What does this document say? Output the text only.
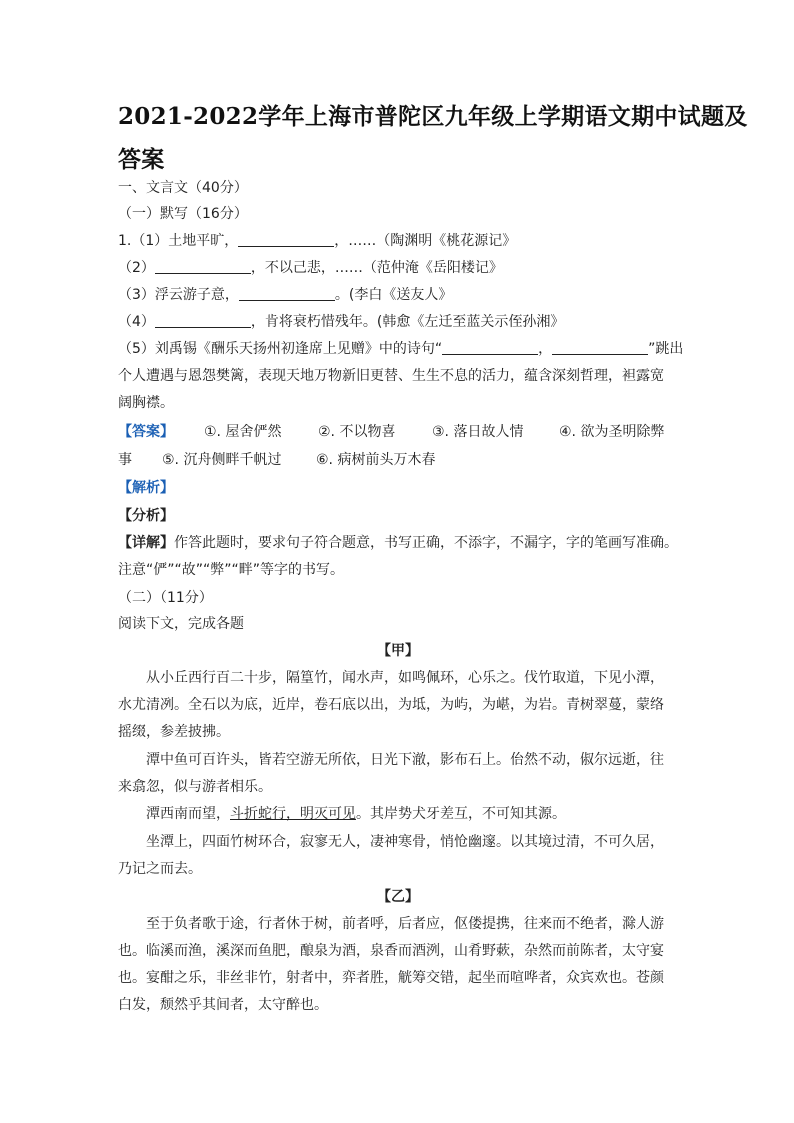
2021-2022学年上海市普陀区九年级上学期语文期中试题及
答案
一、文言文（40分）
（一）默写（16分）
1.（1）土地平旷，	，……（陶渊明《桃花源记》
（2）	，不以己悲，……（范仲淹《岳阳楼记》
（3）浮云游子意，	。(李白《送友人》
（4）	，肯将衰朽惜残年。(韩愈《左迁至蓝关示侄孙湘》
（5）刘禹锡《酬乐天扬州初逢席上见赠》中的诗句“	，	”跳出
个人遭遇与恩怨樊篱，表现天地万物新旧更替、生生不息的活力，蕴含深刻哲理，袒露宽
阔胸襟。
【答案】 ①. 屋舍俨然	②. 不以物喜	③. 落日故人情	④. 欲为圣明除弊
事 ⑤. 沉舟侧畔千帆过 ⑥. 病树前头万木春
【解析】
【分析】
【详解】作答此题时，要求句子符合题意，书写正确，不添字，不漏字，字的笔画写准确。
注意“俨”“故”“弊”“畔”等字的书写。
（二）（11分）
阅读下文，完成各题
【甲】
从小丘西行百二十步，隔篁竹，闻水声，如鸣佩环，心乐之。伐竹取道，下见小潭，
水尤清冽。全石以为底，近岸，卷石底以出，为坻，为屿，为嵁，为岩。青树翠蔓，蒙络
摇缀，参差披拂。
潭中鱼可百许头，皆若空游无所依，日光下澈，影布石上。佁然不动，俶尔远逝，往
来翕忽，似与游者相乐。
潭西南而望，斗折蛇行，明灭可见。其岸势犬牙差互，不可知其源。
坐潭上，四面竹树环合，寂寥无人，凄神寒骨，悄怆幽邃。以其境过清，不可久居，
乃记之而去。
【乙】
至于负者歌于途，行者休于树，前者呼，后者应，伛偻提携，往来而不绝者，滁人游
也。临溪而渔，溪深而鱼肥，酿泉为酒，泉香而酒洌，山肴野蔌，杂然而前陈者，太守宴
也。宴酣之乐，非丝非竹，射者中，弈者胜，觥筹交错，起坐而喧哗者，众宾欢也。苍颜
白发，颓然乎其间者，太守醉也。
